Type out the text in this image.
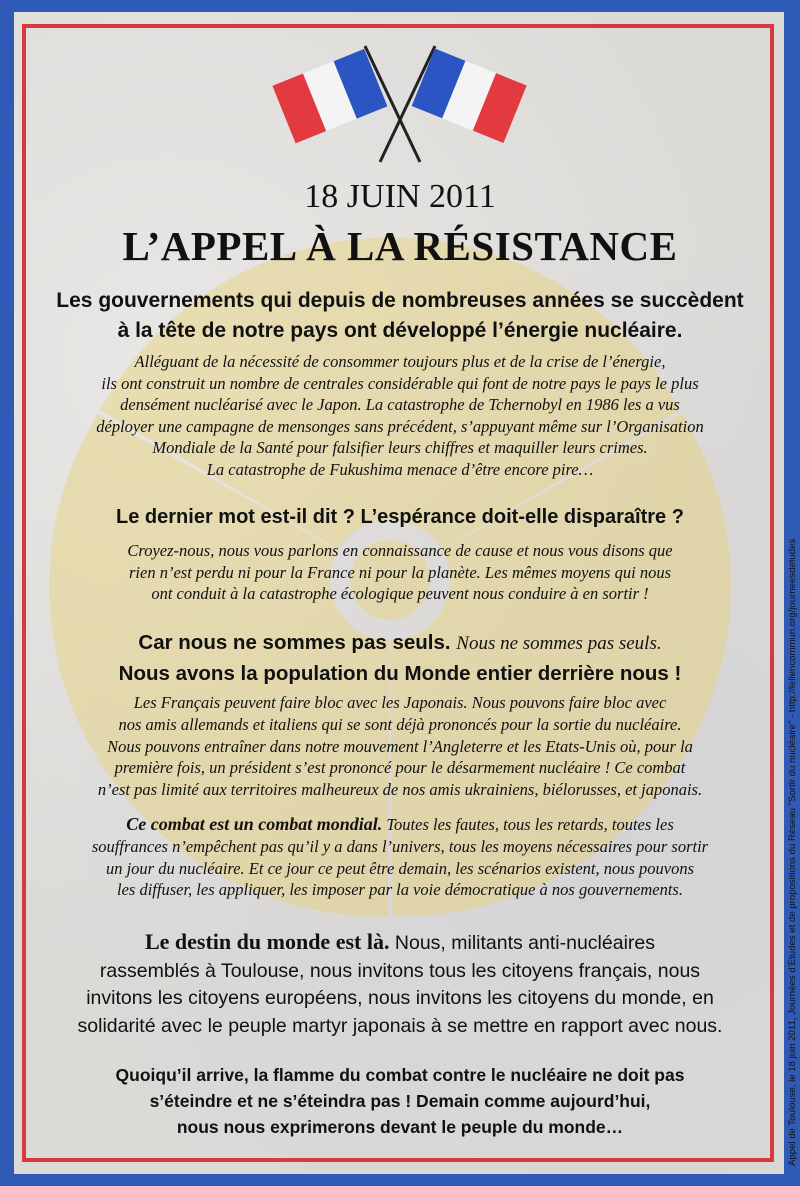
18 JUIN 2011
L’APPEL À LA RÉSISTANCE
Les gouvernements qui depuis de nombreuses années se succèdent
à la tête de notre pays ont développé l’énergie nucléaire.
Alléguant de la nécessité de consommer toujours plus et de la crise de l’énergie,
ils ont construit un nombre de centrales considérable qui font de notre pays le pays le plus
densément nucléarisé avec le Japon. La catastrophe de Tchernobyl en 1986 les a vus
déployer une campagne de mensonges sans précédent, s’appuyant même sur l’Organisation
Mondiale de la Santé pour falsifier leurs chiffres et maquiller leurs crimes.
La catastrophe de Fukushima menace d’être encore pire…
Le dernier mot est-il dit ? L’espérance doit-elle disparaître ?
Croyez-nous, nous vous parlons en connaissance de cause et nous vous disons que
rien n’est perdu ni pour la France ni pour la planète. Les mêmes moyens qui nous
ont conduit à la catastrophe écologique peuvent nous conduire à en sortir !
Car nous ne sommes pas seuls. Nous ne sommes pas seuls.
Nous avons la population du Monde entier derrière nous !
Les Français peuvent faire bloc avec les Japonais. Nous pouvons faire bloc avec
nos amis allemands et italiens qui se sont déjà prononcés pour la sortie du nucléaire.
Nous pouvons entraîner dans notre mouvement l’Angleterre et les Etats-Unis où, pour la
première fois, un président s’est prononcé pour le désarmement nucléaire ! Ce combat
n’est pas limité aux territoires malheureux de nos amis ukrainiens, biélorusses, et japonais.
Ce combat est un combat mondial. Toutes les fautes, tous les retards, toutes les
souffrances n’empêchent pas qu’il y a dans l’univers, tous les moyens nécessaires pour sortir
un jour du nucléaire. Et ce jour ce peut être demain, les scénarios existent, nous pouvons
les diffuser, les appliquer, les imposer par la voie démocratique à nos gouvernements.
Le destin du monde est là. Nous, militants anti-nucléaires
rassemblés à Toulouse, nous invitons tous les citoyens français, nous
invitons les citoyens européens, nous invitons les citoyens du monde, en
solidarité avec le peuple martyr japonais à se mettre en rapport avec nous.
Quoiqu’il arrive, la flamme du combat contre le nucléaire ne doit pas
s’éteindre et ne s’éteindra pas ! Demain comme aujourd’hui,
nous nous exprimerons devant le peuple du monde…	Appel de Toulouse, le 18 juin 2011, Journées d’Etudes et de propositions du Réseau "Sortir du nucléaire" - http://leliencommun.org/journeesdetudes
